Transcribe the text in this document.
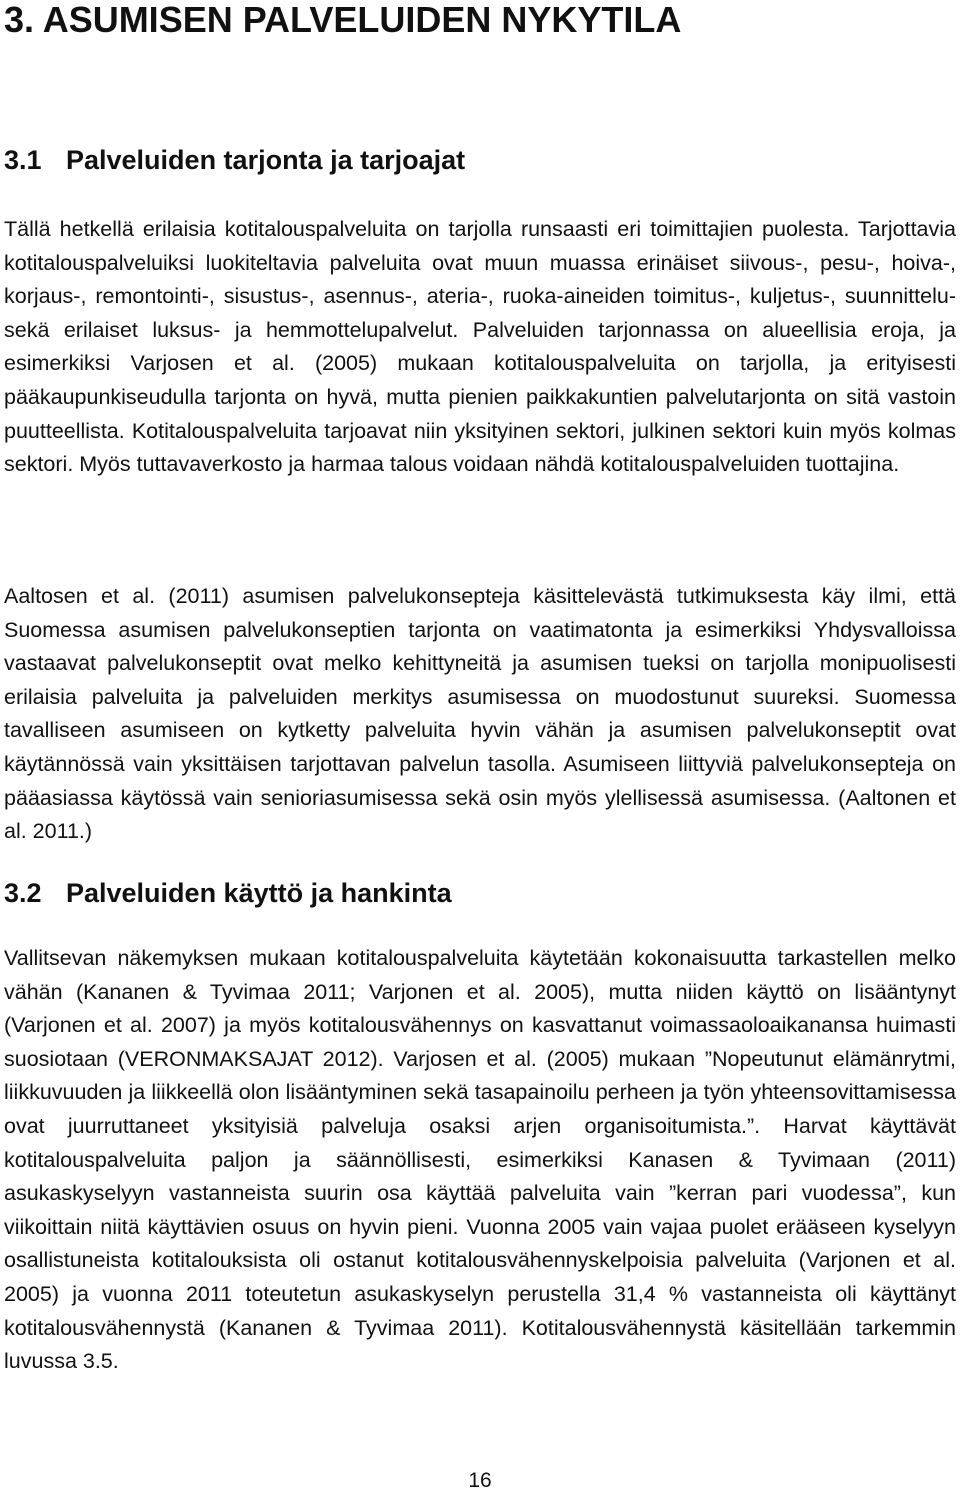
3. ASUMISEN PALVELUIDEN NYKYTILA
3.1 Palveluiden tarjonta ja tarjoajat

Tällä hetkellä erilaisia kotitalouspalveluita on tarjolla runsaasti eri toimittajien puolesta. Tarjottavia kotitalouspalveluiksi luokiteltavia palveluita ovat muun muassa erinäiset siivous-, pesu-, hoiva-, korjaus-, remontointi-, sisustus-, asennus-, ateria-, ruoka-aineiden toimitus-, kuljetus-, suunnittelu- sekä erilaiset luksus- ja hemmottelupalvelut. Palveluiden tarjonnassa on alueellisia eroja, ja esimerkiksi Varjosen et al. (2005) mukaan kotitalouspalveluita on tarjolla, ja erityisesti pääkaupunkiseudulla tarjonta on hyvä, mutta pienien paikkakuntien palvelutarjonta on sitä vastoin puutteellista. Kotitalouspalveluita tarjoavat niin yksityinen sektori, julkinen sektori kuin myös kolmas sektori. Myös tuttavaverkosto ja harmaa talous voidaan nähdä kotitalouspalveluiden tuottajina.

Aaltosen et al. (2011) asumisen palvelukonsepteja käsittelevästä tutkimuksesta käy ilmi, että Suomessa asumisen palvelukonseptien tarjonta on vaatimatonta ja esimerkiksi Yhdysvalloissa vastaavat palvelukonseptit ovat melko kehittyneitä ja asumisen tueksi on tarjolla monipuolisesti erilaisia palveluita ja palveluiden merkitys asumisessa on muodostunut suureksi. Suomessa tavalliseen asumiseen on kytketty palveluita hyvin vähän ja asumisen palvelukonseptit ovat käytännössä vain yksittäisen tarjottavan palvelun tasolla. Asumiseen liittyviä palvelukonsepteja on pääasiassa käytössä vain senioriasumisessa sekä osin myös ylellisessä asumisessa. (Aaltonen et al. 2011.)

3.2 Palveluiden käyttö ja hankinta

Vallitsevan näkemyksen mukaan kotitalouspalveluita käytetään kokonaisuutta tarkastellen melko vähän (Kananen & Tyvimaa 2011; Varjonen et al. 2005), mutta niiden käyttö on lisääntynyt (Varjonen et al. 2007) ja myös kotitalousvähennys on kasvattanut voimassaoloaikanansa huimasti suosiotaan (VERONMAKSAJAT 2012). Varjosen et al. (2005) mukaan ”Nopeutunut elämänrytmi, liikkuvuuden ja liikkeellä olon lisääntyminen sekä tasapainoilu perheen ja työn yhteensovittamisessa ovat juurruttaneet yksityisiä palveluja osaksi arjen organisoitumista.”. Harvat käyttävät kotitalouspalveluita paljon ja säännöllisesti, esimerkiksi Kanasen & Tyvimaan (2011) asukaskyselyyn vastanneista suurin osa käyttää palveluita vain ”kerran pari vuodessa”, kun viikoittain niitä käyttävien osuus on hyvin pieni. Vuonna 2005 vain vajaa puolet erääseen kyselyyn osallistuneista kotitalouksista oli ostanut kotitalousvähennyskelpoisia palveluita (Varjonen et al. 2005) ja vuonna 2011 toteutetun asukaskyselyn perustella 31,4 % vastanneista oli käyttänyt kotitalousvähennystä (Kananen & Tyvimaa 2011). Kotitalousvähennystä käsitellään tarkemmin luvussa 3.5.

16
